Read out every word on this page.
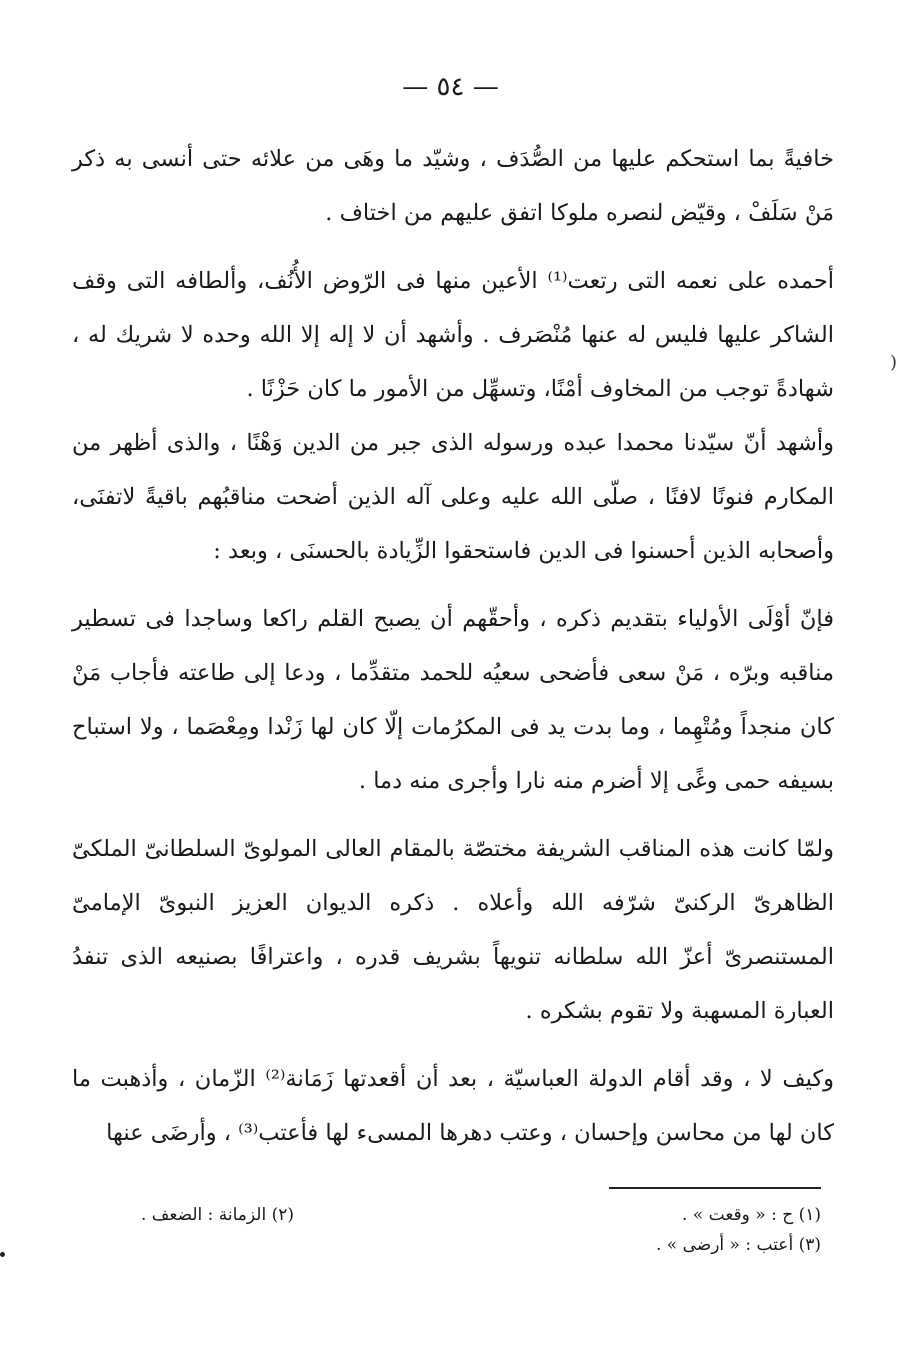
— ٥٤ —
(

خافيةً بما استحكم عليها من الصُّدَف ، وشيّد ما وهَى من علائه حتى أنسى به ذكر مَنْ سَلَفْ ، وقيّض لنصره ملوكا اتفق عليهم من اختاف .

أحمده على نعمه التى رتعت⁽¹⁾ الأعين منها فى الرّوض الأُنُف، وألطافه التى وقف الشاكر عليها فليس له عنها مُنْصَرف . وأشهد أن لا إله إلا الله وحده لا شريك له ، شهادةً توجب من المخاوف أمْنًا، وتسهِّل من الأمور ما كان حَزْنًا .

وأشهد أنّ سيّدنا محمدا عبده ورسوله الذى جبر من الدين وَهْنًا ، والذى أظهر من المكارم فنونًا لافنًا ، صلّى الله عليه وعلى آله الذين أضحت مناقبُهم باقيةً لاتفنَى، وأصحابه الذين أحسنوا فى الدين فاستحقوا الزِّيادة بالحسنَى ، وبعد :

فإنّ أوْلَى الأولياء بتقديم ذكره ، وأحقّهم أن يصبح القلم راكعا وساجدا فى تسطير مناقبه وبرّه ، مَنْ سعى فأضحى سعيُه للحمد متقدِّما ، ودعا إلى طاعته فأجاب مَنْ كان منجداً ومُتْهِما ، وما بدت يد فى المكرُمات إلّا كان لها زَنْدا ومِعْصَما ، ولا استباح بسيفه حمى وغًى إلا أضرم منه نارا وأجرى منه دما .

ولمّا كانت هذه المناقب الشريفة مختصّة بالمقام العالى المولوىّ السلطانىّ الملكىّ الظاهرىّ الركنىّ شرّفه الله وأعلاه . ذكره الديوان العزيز النبوىّ الإمامىّ المستنصرىّ أعزّ الله سلطانه تنويهاً بشريف قدره ، واعترافًا بصنيعه الذى تنفدُ العبارة المسهبة ولا تقوم بشكره .

وكيف لا ، وقد أقام الدولة العباسيّة ، بعد أن أقعدتها زَمَانة⁽²⁾ الزّمان ، وأذهبت ما كان لها من محاسن وإحسان ، وعتب دهرها المسىء لها فأعتب⁽³⁾ ، وأرضَى عنها

(١) ح : « وقعت » .
(٢) الزمانة : الضعف .
(٣) أعتب : « أرضى » .
